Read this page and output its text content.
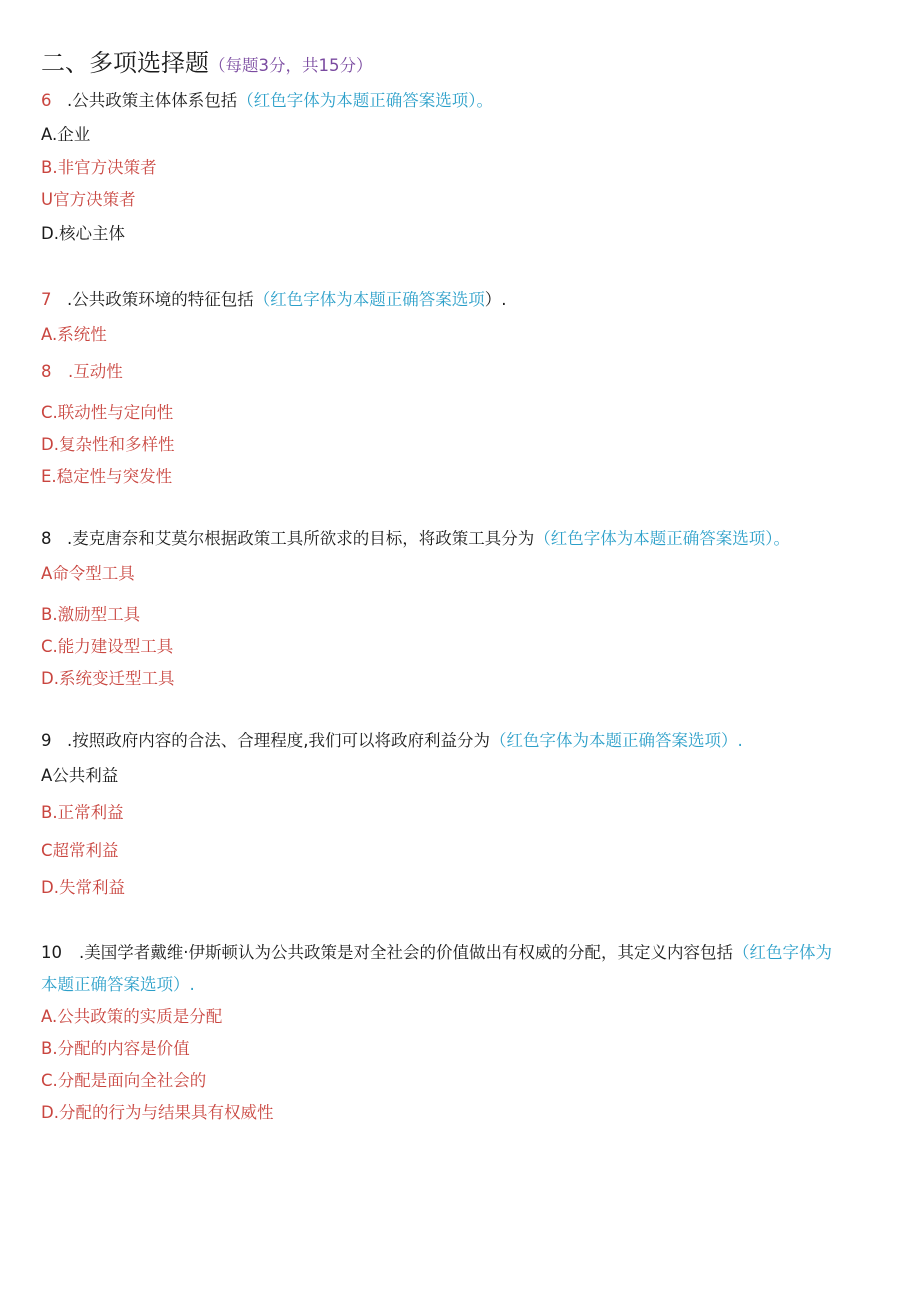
二、多项选择题（每题3分，共15分）
6 .公共政策主体体系包括（红色字体为本题正确答案选项）。
A.企业
B.非官方决策者
U官方决策者
D.核心主体
7 .公共政策环境的特征包括（红色字体为本题正确答案选项）.
A.系统性
8　.互动性
C.联动性与定向性
D.复杂性和多样性
E.稳定性与突发性
8 .麦克唐奈和艾莫尔根据政策工具所欲求的目标，将政策工具分为（红色字体为本题正确答案选项）。
A命令型工具
B.激励型工具
C.能力建设型工具
D.系统变迁型工具
9 .按照政府内容的合法、合理程度,我们可以将政府利益分为（红色字体为本题正确答案选项）.
A公共利益
B.正常利益
C超常利益
D.失常利益
10 .美国学者戴维·伊斯顿认为公共政策是对全社会的价值做出有权威的分配，其定义内容包括（红色字体为
本题正确答案选项）.
A.公共政策的实质是分配
B.分配的内容是价值
C.分配是面向全社会的
D.分配的行为与结果具有权威性
